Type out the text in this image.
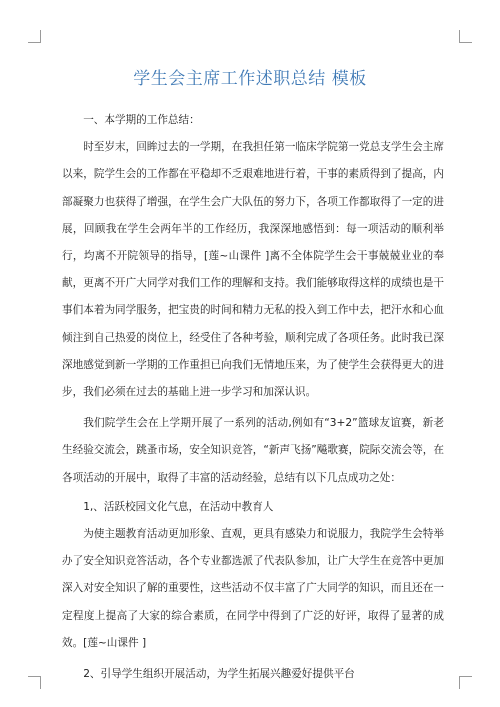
学生会主席工作述职总结 模板

一、本学期的工作总结：

时至岁末，回眸过去的一学期，在我担任第一临床学院第一党总支学生会主席以来，院学生会的工作都在平稳却不乏艰难地进行着，干事的素质得到了提高，内部凝聚力也获得了增强，在学生会广大队伍的努力下，各项工作都取得了一定的进展，回顾我在学生会两年半的工作经历，我深深地感悟到：每一项活动的顺利举行，均离不开院领导的指导，[莲~山课件 ]离不全体院学生会干事兢兢业业的奉献，更离不开广大同学对我们工作的理解和支持。我们能够取得这样的成绩也是干事们本着为同学服务，把宝贵的时间和精力无私的投入到工作中去，把汗水和心血倾注到自己热爱的岗位上，经受住了各种考验，顺利完成了各项任务。此时我已深深地感觉到新一学期的工作重担已向我们无情地压来，为了使学生会获得更大的进步，我们必须在过去的基础上进一步学习和加深认识。

我们院学生会在上学期开展了一系列的活动,例如有“3+2”篮球友谊赛，新老生经验交流会，跳蚤市场，安全知识竞答，“新声飞扬”飚歌赛，院际交流会等，在各项活动的开展中，取得了丰富的活动经验，总结有以下几点成功之处：

1,、活跃校园文化气息，在活动中教育人

为使主题教育活动更加形象、直观，更具有感染力和说服力，我院学生会特举办了安全知识竞答活动，各个专业都选派了代表队参加，让广大学生在竞答中更加深入对安全知识了解的重要性，这些活动不仅丰富了广大同学的知识，而且还在一定程度上提高了大家的综合素质，在同学中得到了广泛的好评，取得了显著的成效。[莲~山课件 ]

2、引导学生组织开展活动，为学生拓展兴趣爱好提供平台
